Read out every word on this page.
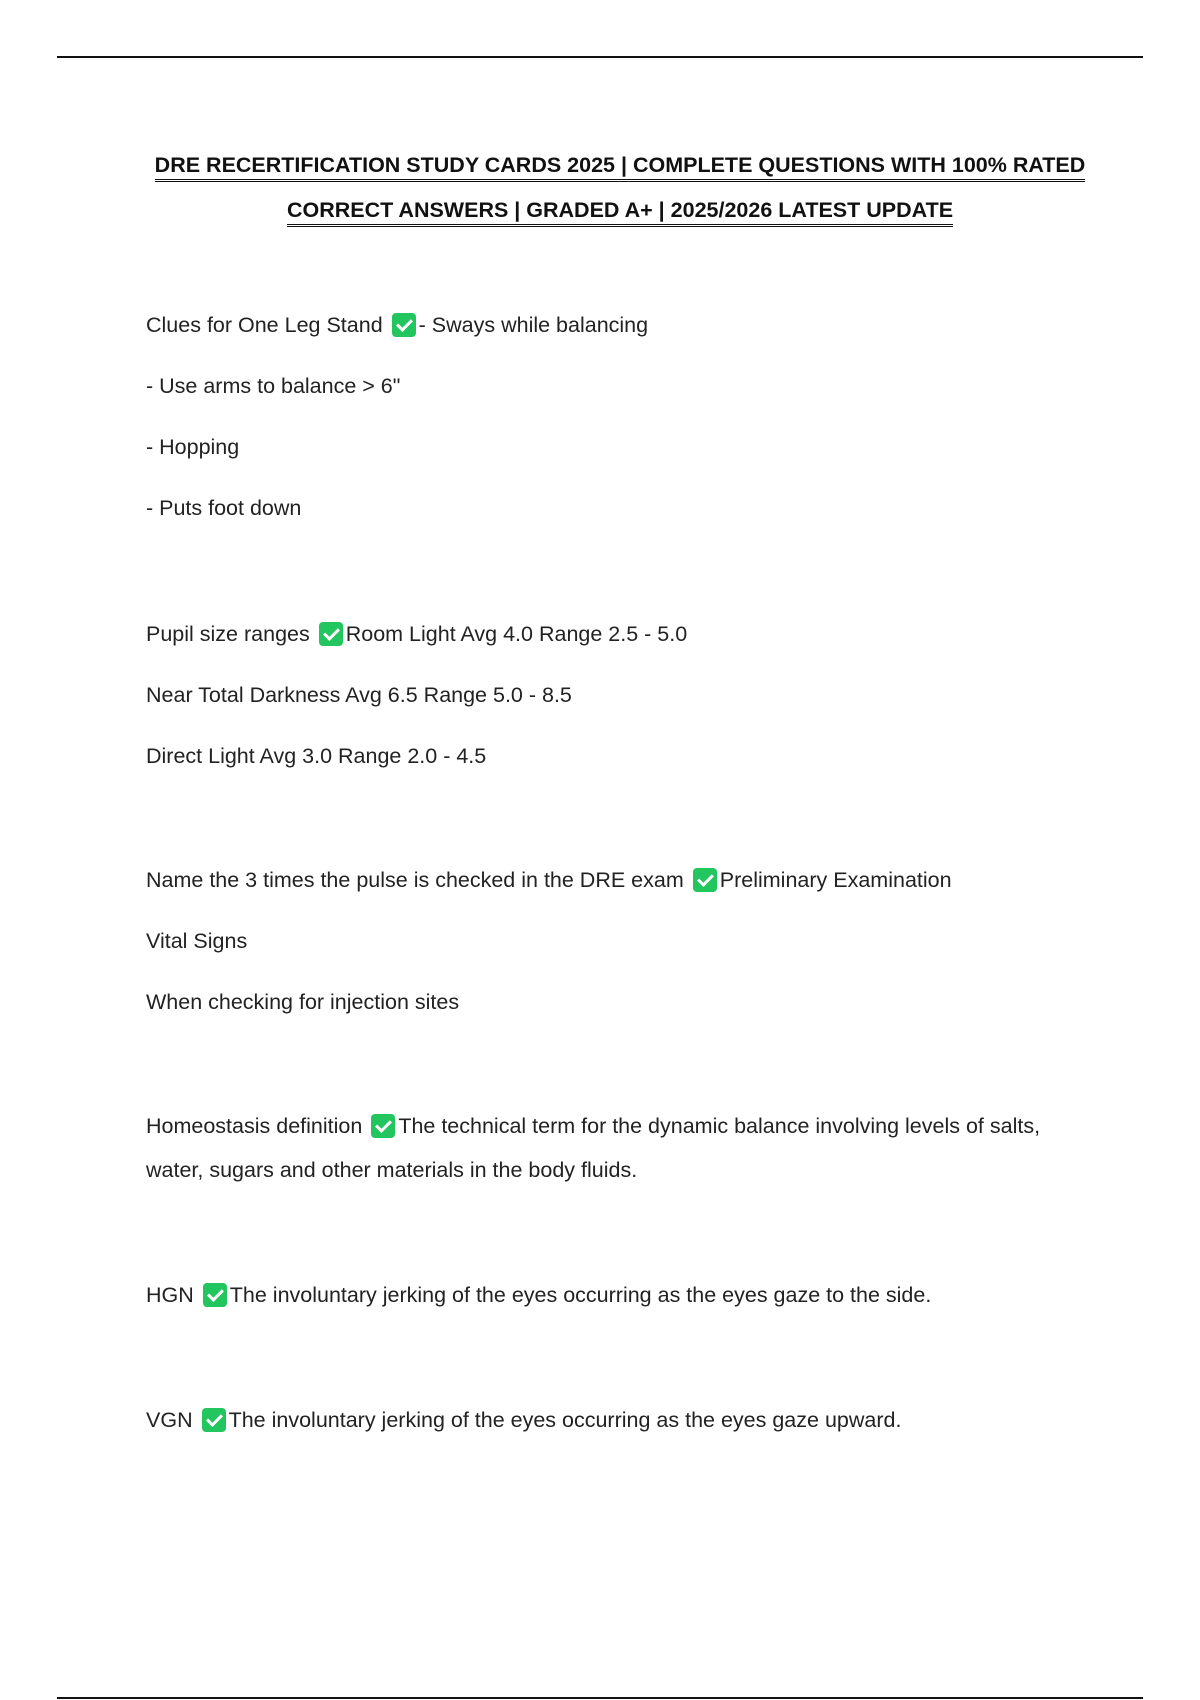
DRE RECERTIFICATION STUDY CARDS 2025 | COMPLETE QUESTIONS WITH 100% RATED
CORRECT ANSWERS | GRADED A+ | 2025/2026 LATEST UPDATE
Clues for One Leg Stand - Sways while balancing
- Use arms to balance > 6"
- Hopping
- Puts foot down
Pupil size ranges Room Light Avg 4.0 Range 2.5 - 5.0
Near Total Darkness Avg 6.5 Range 5.0 - 8.5
Direct Light Avg 3.0 Range 2.0 - 4.5
Name the 3 times the pulse is checked in the DRE exam Preliminary Examination
Vital Signs
When checking for injection sites
Homeostasis definition The technical term for the dynamic balance involving levels of salts,
water, sugars and other materials in the body fluids.
HGN The involuntary jerking of the eyes occurring as the eyes gaze to the side.
VGN The involuntary jerking of the eyes occurring as the eyes gaze upward.
